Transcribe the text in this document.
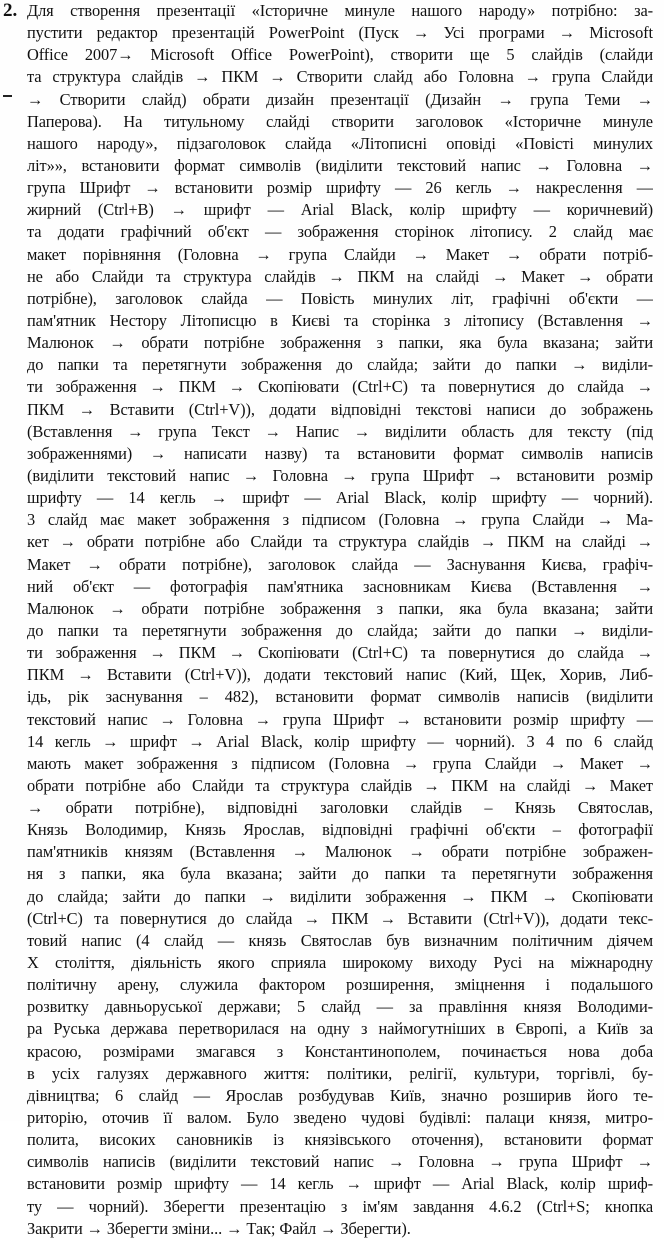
2. Для створення презентації «Історичне минуле нашого народу» потрібно: за-
пустити редактор презентацій PowerPoint (Пуск → Усі програми → Microsoft
Office 2007→ Microsoft Office PowerPoint), створити ще 5 слайдів (слайди
та структура слайдів → ПКМ → Створити слайд або Головна → група Слайди
→ Створити слайд) обрати дизайн презентації (Дизайн → група Теми →
Паперова). На титульному слайді створити заголовок «Історичне минуле
нашого народу», підзаголовок слайда «Літописні оповіді «Повісті минулих
літ»», встановити формат символів (виділити текстовий напис → Головна →
група Шрифт → встановити розмір шрифту — 26 кегль → накреслення —
жирний (Ctrl+B) → шрифт — Arial Black, колір шрифту — коричневий)
та додати графічний об'єкт — зображення сторінок літопису. 2 слайд має
макет порівняння (Головна → група Слайди → Макет → обрати потріб-
не або Слайди та структура слайдів → ПКМ на слайді → Макет → обрати
потрібне), заголовок слайда — Повість минулих літ, графічні об'єкти —
пам'ятник Нестору Літописцю в Києві та сторінка з літопису (Вставлення →
Малюнок → обрати потрібне зображення з папки, яка була вказана; зайти
до папки та перетягнути зображення до слайда; зайти до папки → виділи-
ти зображення → ПКМ → Скопіювати (Ctrl+C) та повернутися до слайда →
ПКМ → Вставити (Ctrl+V)), додати відповідні текстові написи до зображень
(Вставлення → група Текст → Напис → виділити область для тексту (під
зображеннями) → написати назву) та встановити формат символів написів
(виділити текстовий напис → Головна → група Шрифт → встановити розмір
шрифту — 14 кегль → шрифт — Arial Black, колір шрифту — чорний).
3 слайд має макет зображення з підписом (Головна → група Слайди → Ма-
кет → обрати потрібне або Слайди та структура слайдів → ПКМ на слайді →
Макет → обрати потрібне), заголовок слайда — Заснування Києва, графіч-
ний об'єкт — фотографія пам'ятника засновникам Києва (Вставлення →
Малюнок → обрати потрібне зображення з папки, яка була вказана; зайти
до папки та перетягнути зображення до слайда; зайти до папки → виділи-
ти зображення → ПКМ → Скопіювати (Ctrl+C) та повернутися до слайда →
ПКМ → Вставити (Ctrl+V)), додати текстовий напис (Кий, Щек, Хорив, Либ-
ідь, рік заснування – 482), встановити формат символів написів (виділити
текстовий напис → Головна → група Шрифт → встановити розмір шрифту —
14 кегль → шрифт → Arial Black, колір шрифту — чорний). З 4 по 6 слайд
мають макет зображення з підписом (Головна → група Слайди → Макет →
обрати потрібне або Слайди та структура слайдів → ПКМ на слайді → Макет
→ обрати потрібне), відповідні заголовки слайдів – Князь Святослав,
Князь Володимир, Князь Ярослав, відповідні графічні об'єкти – фотографії
пам'ятників князям (Вставлення → Малюнок → обрати потрібне зображен-
ня з папки, яка була вказана; зайти до папки та перетягнути зображення
до слайда; зайти до папки → виділити зображення → ПКМ → Скопіювати
(Ctrl+C) та повернутися до слайда → ПКМ → Вставити (Ctrl+V)), додати текс-
товий напис (4 слайд — князь Святослав був визначним політичним діячем
X століття, діяльність якого сприяла широкому виходу Русі на міжнародну
політичну арену, служила фактором розширення, зміцнення і подальшого
розвитку давньоруської держави; 5 слайд — за правління князя Володими-
ра Руська держава перетворилася на одну з наймогутніших в Європі, а Київ за
красою, розмірами змагався з Константинополем, починається нова доба
в усіх галузях державного життя: політики, релігії, культури, торгівлі, бу-
дівництва; 6 слайд — Ярослав розбудував Київ, значно розширив його те-
риторію, оточив її валом. Було зведено чудові будівлі: палаци князя, митро-
полита, високих сановників із князівського оточення), встановити формат
символів написів (виділити текстовий напис → Головна → група Шрифт →
встановити розмір шрифту — 14 кегль → шрифт — Arial Black, колір шриф-
ту — чорний). Зберегти презентацію з ім'ям завдання 4.6.2 (Ctrl+S; кнопка
Закрити → Зберегти зміни... → Так; Файл → Зберегти).
